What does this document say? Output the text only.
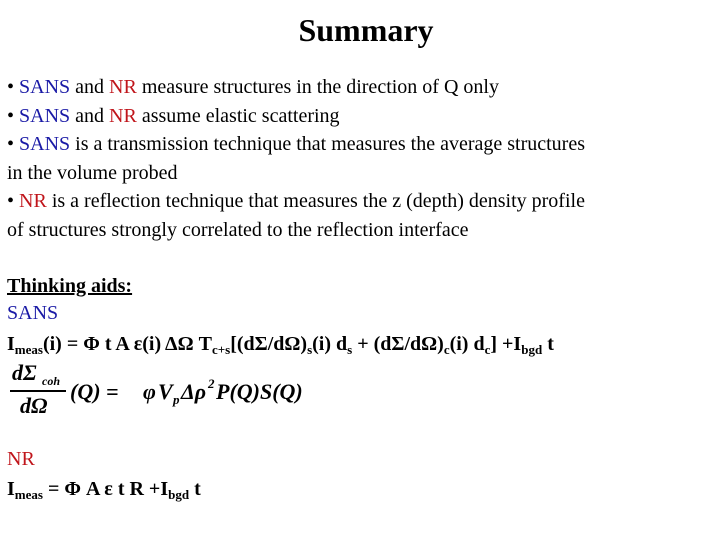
Summary
• SANS and NR measure structures in the direction of Q only
• SANS and NR assume elastic scattering
• SANS is a transmission technique that measures the average structures
in the volume probed
• NR is a reflection technique that measures the z (depth) density profile
of structures strongly correlated to the reflection interface
Thinking aids:
SANS
$I_{meas}(i) = \Phi$ t A ε(i) ΔΩ $T_{c+s}[(d\Sigma/d\Omega)_s(i) d_s + (d\Sigma/d\Omega)_c(i)$ $d_c] +I_{bgd}$ t
dΣ coh
dΩ
(Q) = φ V p Δρ 2 P(Q)S(Q)
NR
$I_{meas} = \Phi$ A ε t $R +I_{bgd}$ t
